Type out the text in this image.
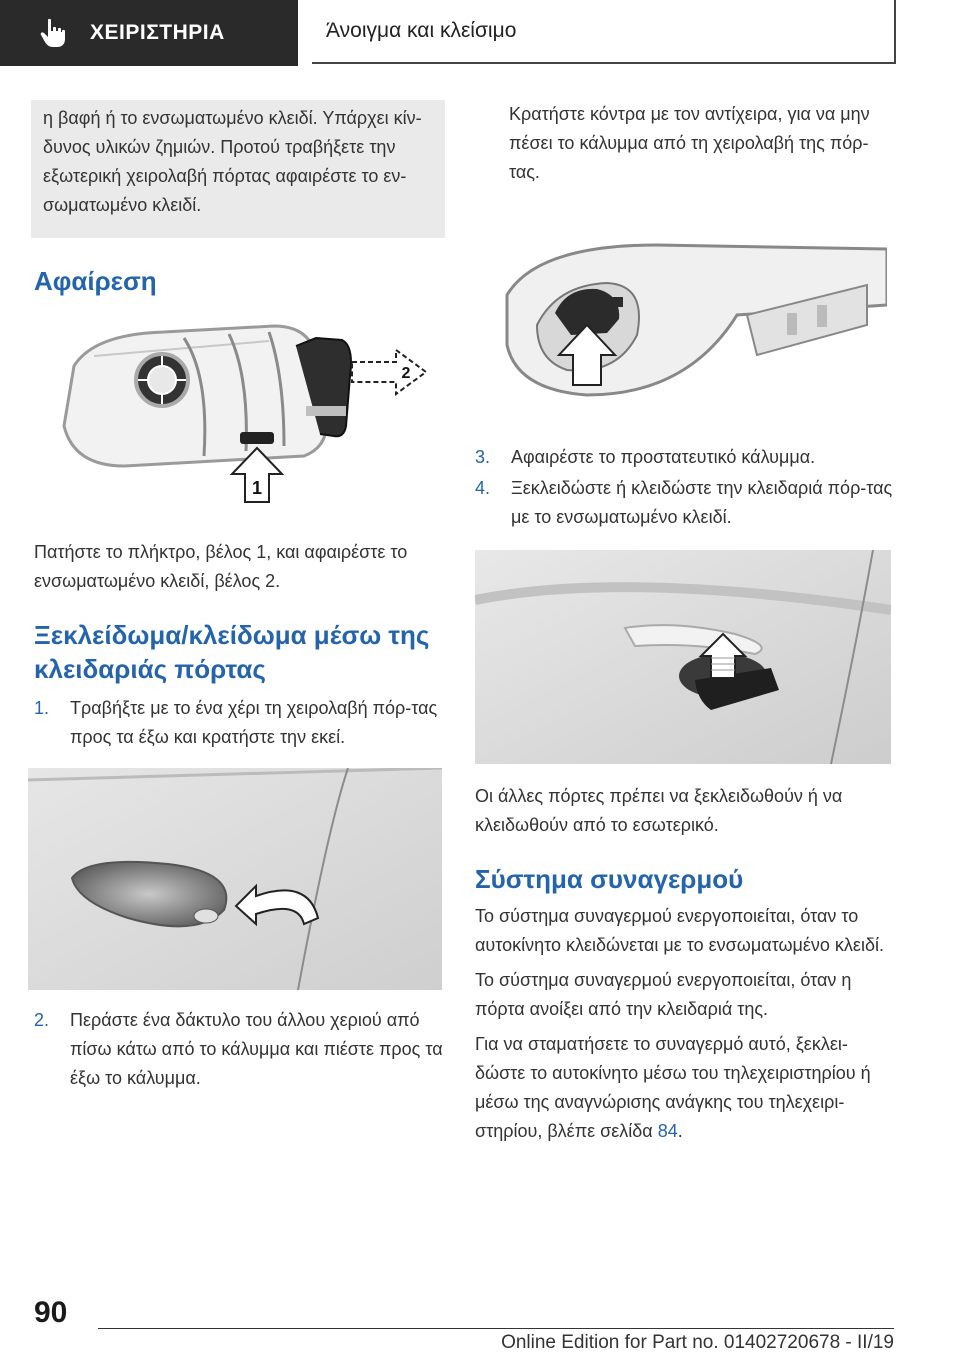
ΧΕΙΡΙΣΤΗΡΙΑ	Άνοιγμα και κλείσιμο
η βαφή ή το ενσωματωμένο κλειδί. Υπάρχει κίν‐δυνος υλικών ζημιών. Προτού τραβήξετε την εξωτερική χειρολαβή πόρτας αφαιρέστε το εν‐σωματωμένο κλειδί.
Αφαίρεση
1
2

Πατήστε το πλήκτρο, βέλος 1, και αφαιρέστε το ενσωματωμένο κλειδί, βέλος 2.

Ξεκλείδωμα/κλείδωμα μέσω της κλειδαριάς πόρτας
1.	Τραβήξτε με το ένα χέρι τη χειρολαβή πόρ‐τας προς τα έξω και κρατήστε την εκεί.
2.	Περάστε ένα δάκτυλο του άλλου χεριού από πίσω κάτω από το κάλυμμα και πιέστε προς τα έξω το κάλυμμα.

Κρατήστε κόντρα με τον αντίχειρα, για να μην πέσει το κάλυμμα από τη χειρολαβή της πόρ‐τας.

3.	Αφαιρέστε το προστατευτικό κάλυμμα.
4.	Ξεκλειδώστε ή κλειδώστε την κλειδαριά πόρ‐τας με το ενσωματωμένο κλειδί.

Οι άλλες πόρτες πρέπει να ξεκλειδωθούν ή να κλειδωθούν από το εσωτερικό.

Σύστημα συναγερμού

Το σύστημα συναγερμού ενεργοποιείται, όταν το αυτοκίνητο κλειδώνεται με το ενσωματωμένο κλειδί.

Το σύστημα συναγερμού ενεργοποιείται, όταν η πόρτα ανοίξει από την κλειδαριά της.

Για να σταματήσετε το συναγερμό αυτό, ξεκλει‐δώστε το αυτοκίνητο μέσω του τηλεχειριστηρίου ή μέσω της αναγνώρισης ανάγκης του τηλεχειρι‐στηρίου, βλέπε σελίδα 84.

90
Online Edition for Part no. 01402720678 - II/19
